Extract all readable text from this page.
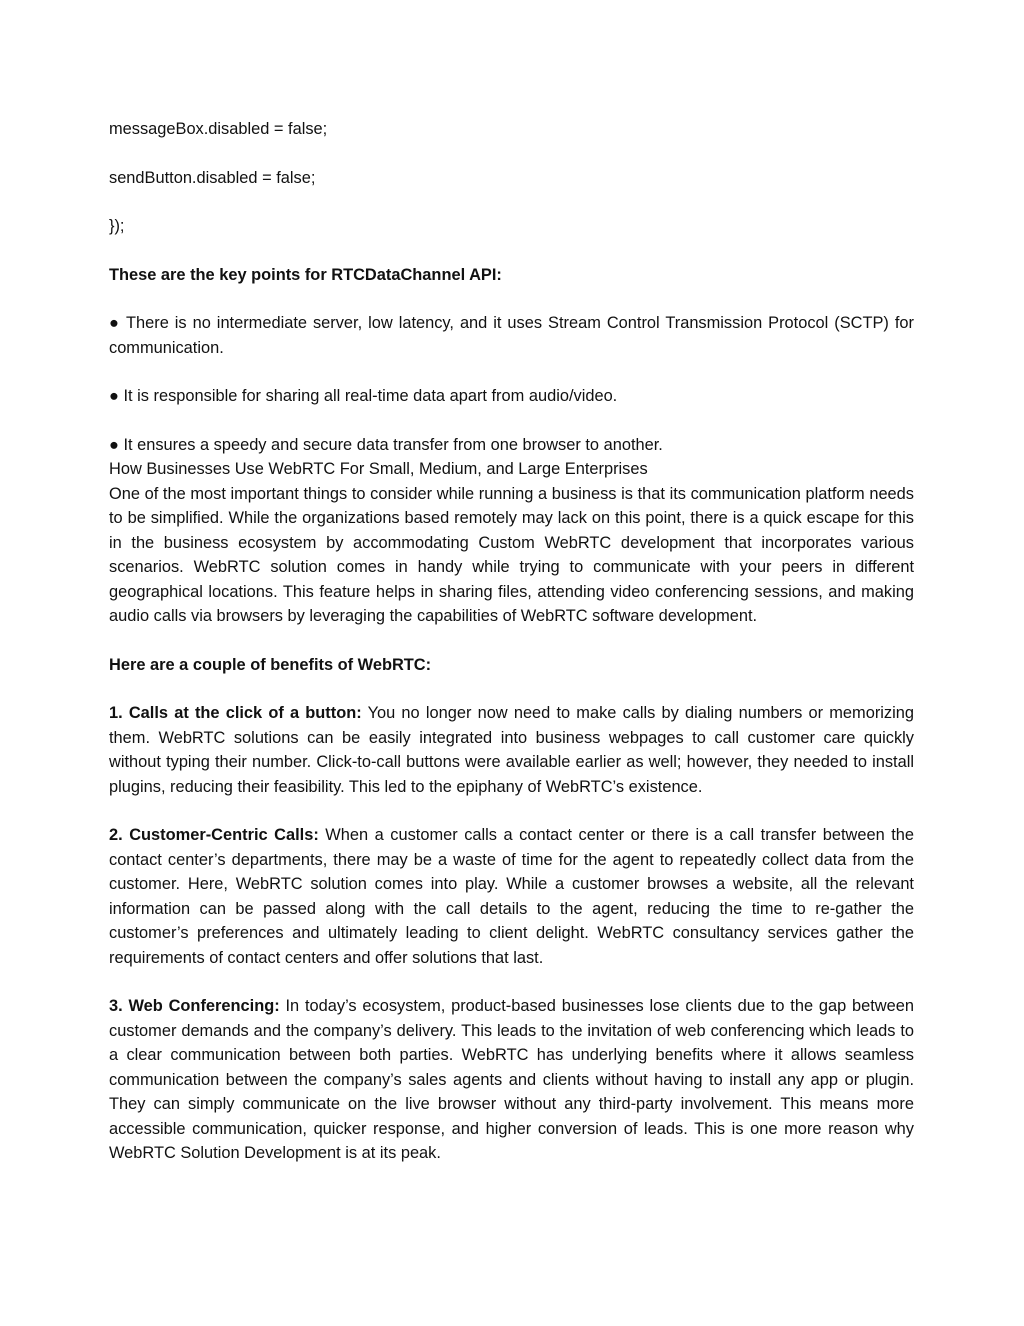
messageBox.disabled = false;

sendButton.disabled = false;

});

These are the key points for RTCDataChannel API:

● There is no intermediate server, low latency, and it uses Stream Control Transmission Protocol (SCTP) for communication.

● It is responsible for sharing all real-time data apart from audio/video.

● It ensures a speedy and secure data transfer from one browser to another.

How Businesses Use WebRTC For Small, Medium, and Large Enterprises

One of the most important things to consider while running a business is that its communication platform needs to be simplified. While the organizations based remotely may lack on this point, there is a quick escape for this in the business ecosystem by accommodating Custom WebRTC development that incorporates various scenarios. WebRTC solution comes in handy while trying to communicate with your peers in different geographical locations. This feature helps in sharing files, attending video conferencing sessions, and making audio calls via browsers by leveraging the capabilities of WebRTC software development.

Here are a couple of benefits of WebRTC:

1. Calls at the click of a button: You no longer now need to make calls by dialing numbers or memorizing them. WebRTC solutions can be easily integrated into business webpages to call customer care quickly without typing their number. Click-to-call buttons were available earlier as well; however, they needed to install plugins, reducing their feasibility. This led to the epiphany of WebRTC’s existence.

2. Customer-Centric Calls: When a customer calls a contact center or there is a call transfer between the contact center’s departments, there may be a waste of time for the agent to repeatedly collect data from the customer. Here, WebRTC solution comes into play. While a customer browses a website, all the relevant information can be passed along with the call details to the agent, reducing the time to re-gather the customer’s preferences and ultimately leading to client delight. WebRTC consultancy services gather the requirements of contact centers and offer solutions that last.

3. Web Conferencing: In today’s ecosystem, product-based businesses lose clients due to the gap between customer demands and the company’s delivery. This leads to the invitation of web conferencing which leads to a clear communication between both parties. WebRTC has underlying benefits where it allows seamless communication between the company’s sales agents and clients without having to install any app or plugin. They can simply communicate on the live browser without any third-party involvement. This means more accessible communication, quicker response, and higher conversion of leads. This is one more reason why WebRTC Solution Development is at its peak.
